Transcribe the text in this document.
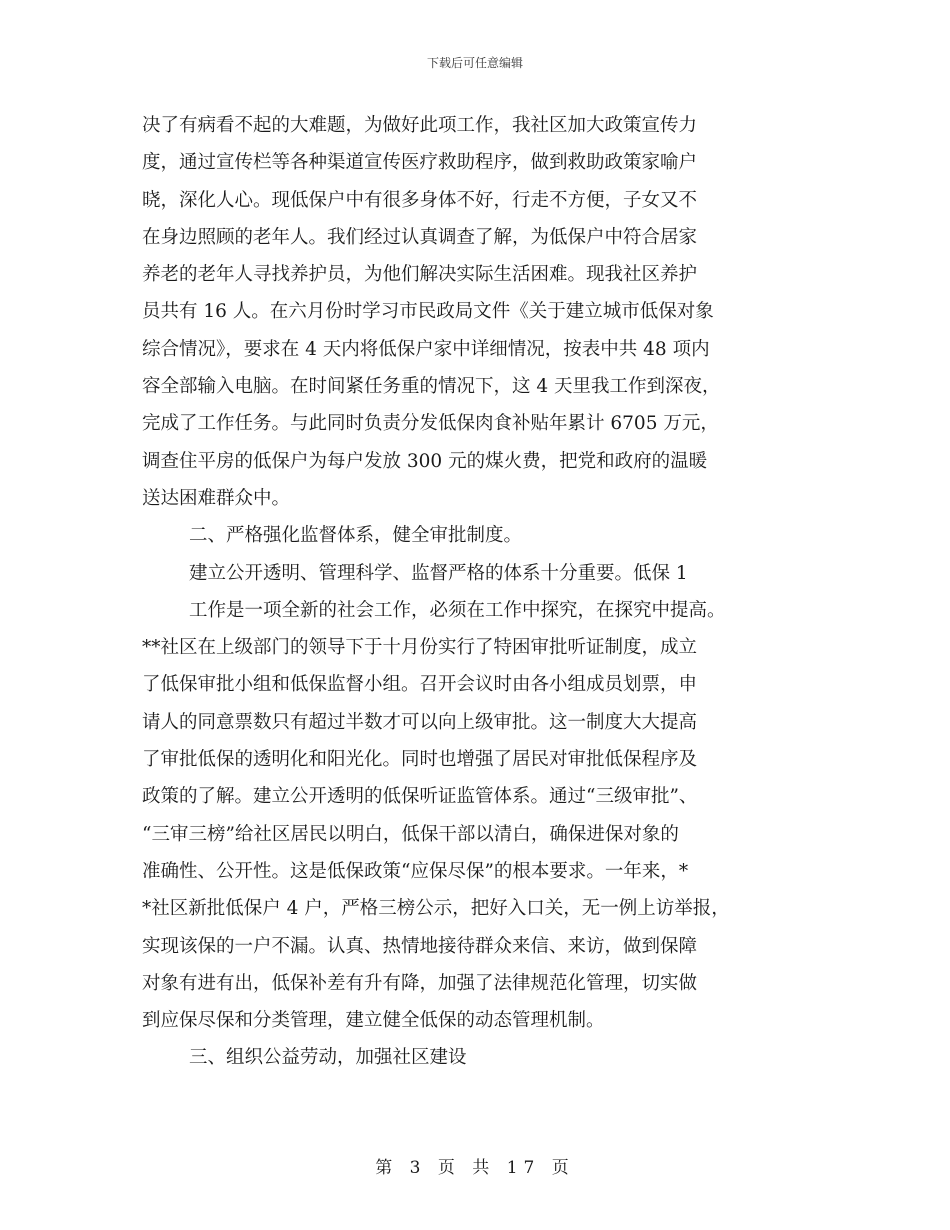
下载后可任意编辑
决了有病看不起的大难题，为做好此项工作，我社区加大政策宣传力
度，通过宣传栏等各种渠道宣传医疗救助程序，做到救助政策家喻户
晓，深化人心。现低保户中有很多身体不好，行走不方便，子女又不
在身边照顾的老年人。我们经过认真调查了解，为低保户中符合居家
养老的老年人寻找养护员，为他们解决实际生活困难。现我社区养护
员共有 16 人。在六月份时学习市民政局文件《关于建立城市低保对象
综合情况》，要求在 4 天内将低保户家中详细情况，按表中共 48 项内
容全部输入电脑。在时间紧任务重的情况下，这 4 天里我工作到深夜，
完成了工作任务。与此同时负责分发低保肉食补贴年累计 6705 万元，
调查住平房的低保户为每户发放 300 元的煤火费，把党和政府的温暖
送达困难群众中。
二、严格强化监督体系，健全审批制度。
建立公开透明、管理科学、监督严格的体系十分重要。低保 1
工作是一项全新的社会工作，必须在工作中探究，在探究中提高。
**社区在上级部门的领导下于十月份实行了特困审批听证制度，成立
了低保审批小组和低保监督小组。召开会议时由各小组成员划票，申
请人的同意票数只有超过半数才可以向上级审批。这一制度大大提高
了审批低保的透明化和阳光化。同时也增强了居民对审批低保程序及
政策的了解。建立公开透明的低保听证监管体系。通过“三级审批”、
“三审三榜”给社区居民以明白，低保干部以清白，确保进保对象的
准确性、公开性。这是低保政策“应保尽保”的根本要求。一年来，*
*社区新批低保户 4 户，严格三榜公示，把好入口关，无一例上访举报，
实现该保的一户不漏。认真、热情地接待群众来信、来访，做到保障
对象有进有出，低保补差有升有降，加强了法律规范化管理，切实做
到应保尽保和分类管理，建立健全低保的动态管理机制。
三、组织公益劳动，加强社区建设
第 3 页 共 17 页
